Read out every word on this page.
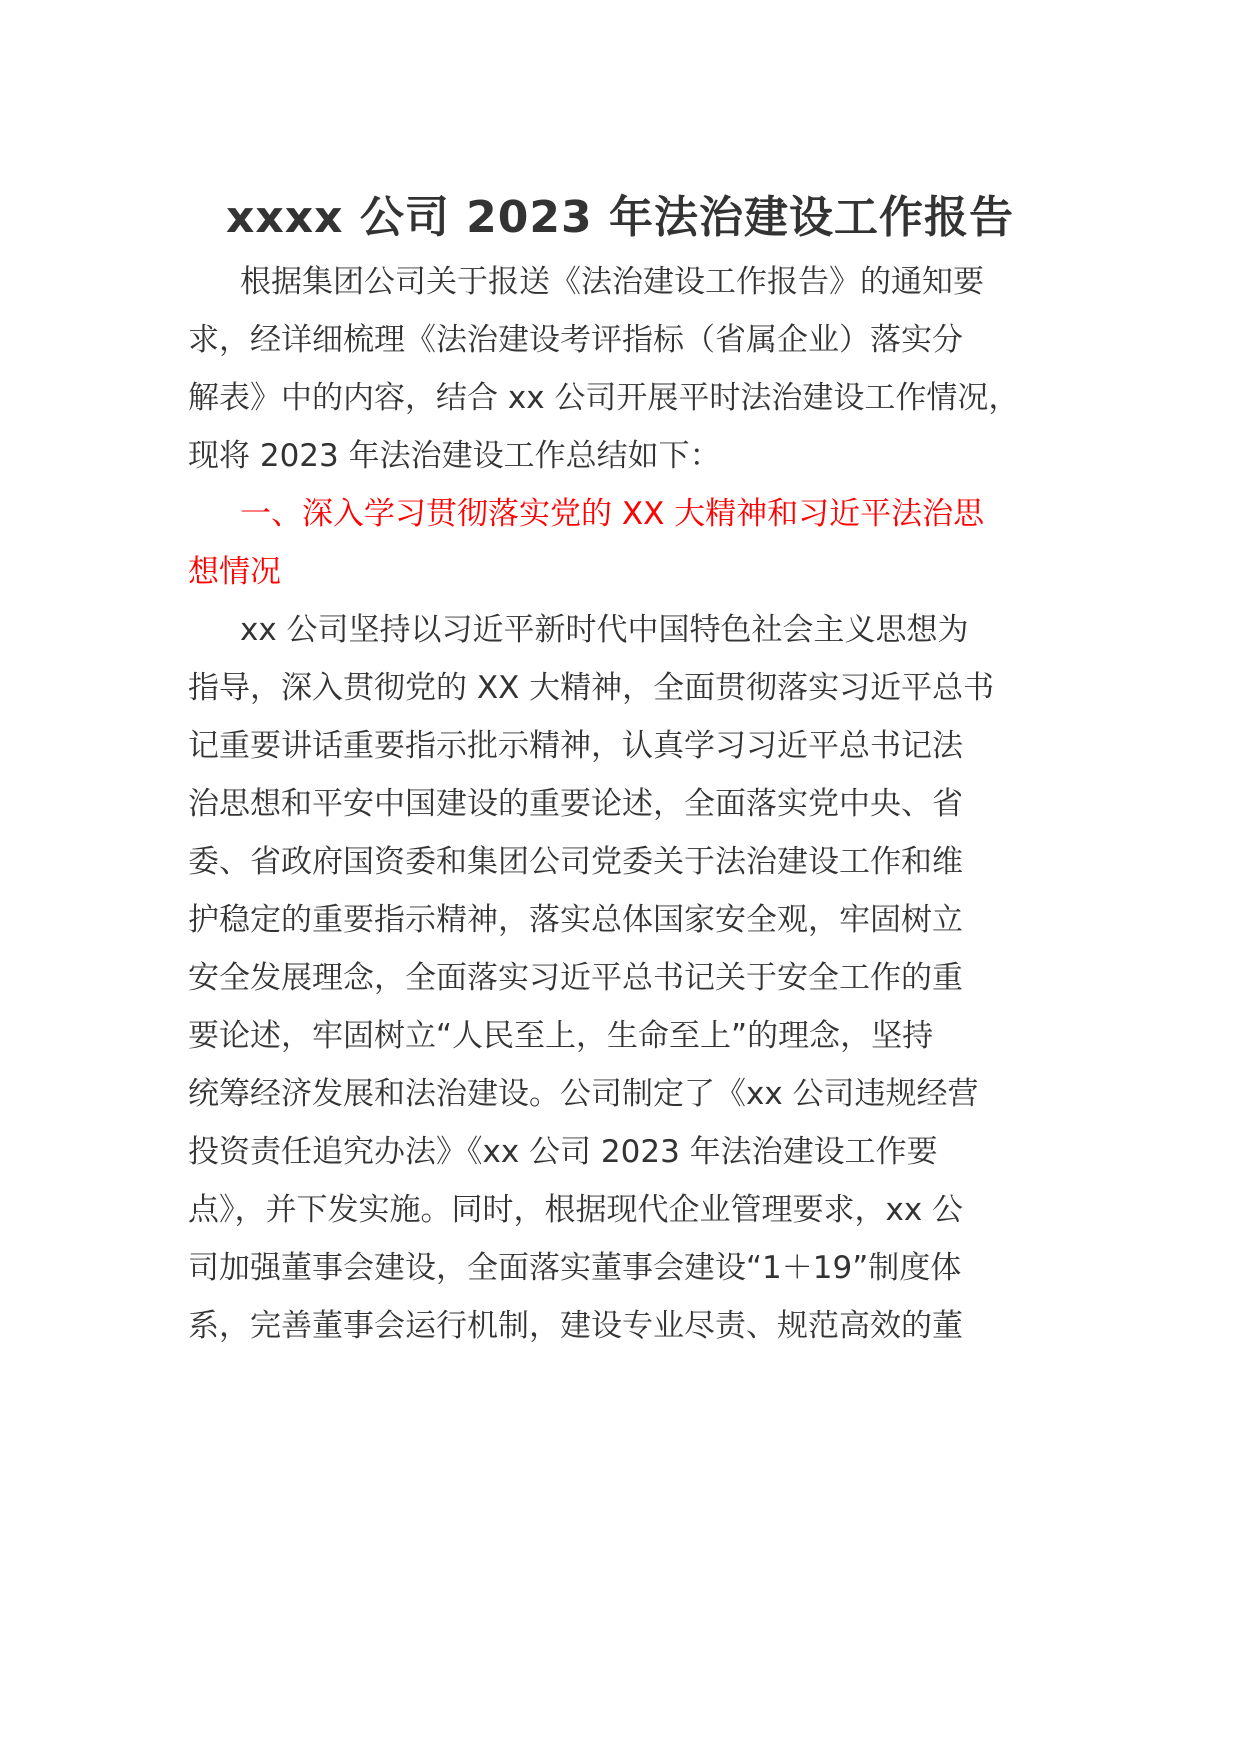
xxxx 公司 2023 年法治建设工作报告
根据集团公司关于报送《法治建设工作报告》的通知要
求，经详细梳理《法治建设考评指标（省属企业）落实分
解表》中的内容，结合 xx 公司开展平时法治建设工作情况，
现将 2023 年法治建设工作总结如下：
一、深入学习贯彻落实党的 XX 大精神和习近平法治思
想情况
xx 公司坚持以习近平新时代中国特色社会主义思想为
指导，深入贯彻党的 XX 大精神，全面贯彻落实习近平总书
记重要讲话重要指示批示精神，认真学习习近平总书记法
治思想和平安中国建设的重要论述，全面落实党中央、省
委、省政府国资委和集团公司党委关于法治建设工作和维
护稳定的重要指示精神，落实总体国家安全观，牢固树立
安全发展理念，全面落实习近平总书记关于安全工作的重
要论述，牢固树立“人民至上，生命至上”的理念，坚持
统筹经济发展和法治建设。公司制定了《xx 公司违规经营
投资责任追究办法》《xx 公司 2023 年法治建设工作要
点》，并下发实施。同时，根据现代企业管理要求，xx 公
司加强董事会建设，全面落实董事会建设“1＋19”制度体
系，完善董事会运行机制，建设专业尽责、规范高效的董
